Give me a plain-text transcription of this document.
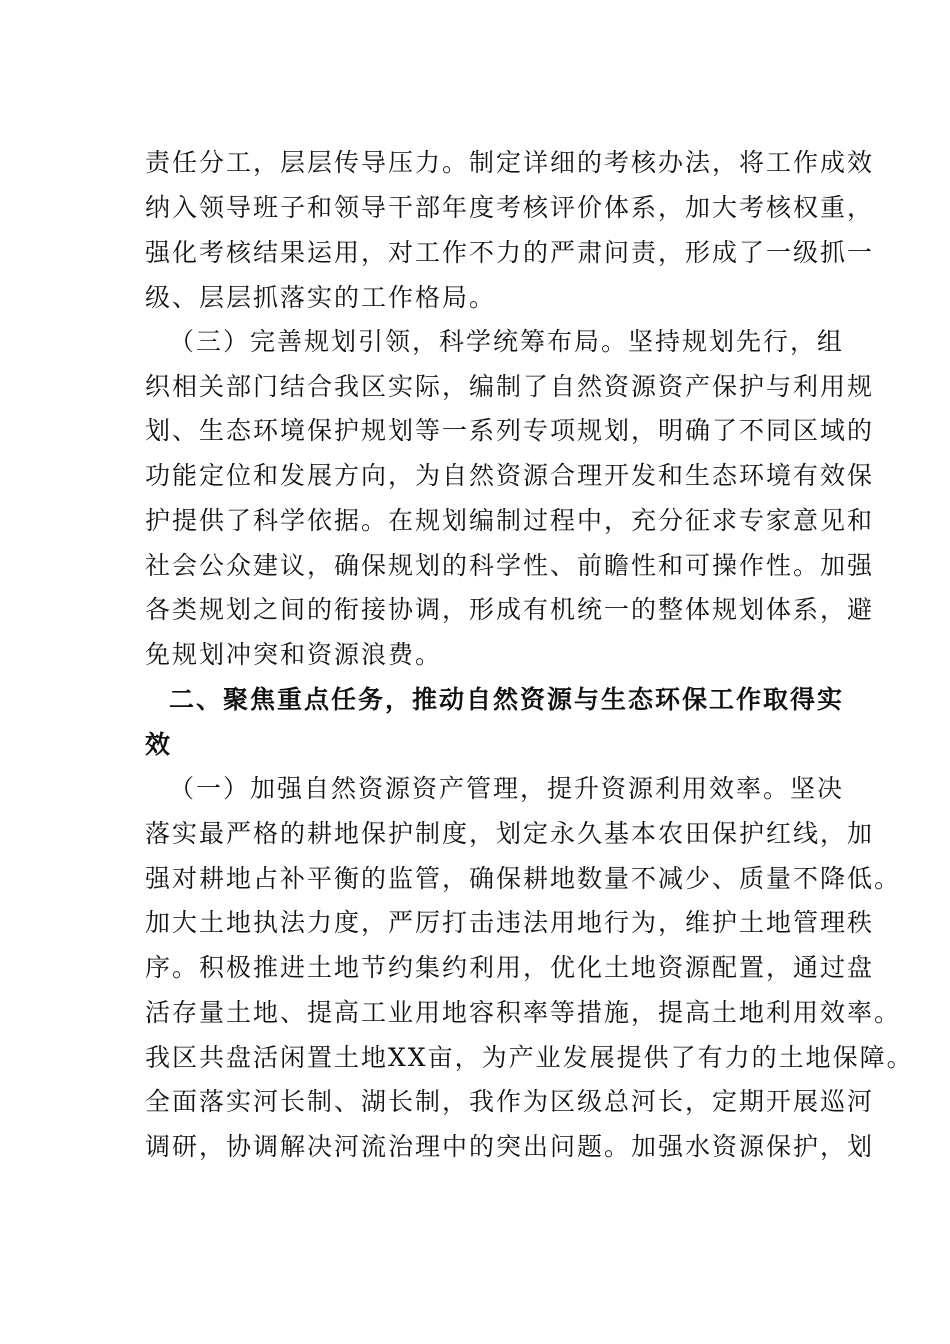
责任分工，层层传导压力。制定详细的考核办法，将工作成效
纳入领导班子和领导干部年度考核评价体系，加大考核权重，
强化考核结果运用，对工作不力的严肃问责，形成了一级抓一
级、层层抓落实的工作格局。
（三）完善规划引领，科学统筹布局。坚持规划先行，组
织相关部门结合我区实际，编制了自然资源资产保护与利用规
划、生态环境保护规划等一系列专项规划，明确了不同区域的
功能定位和发展方向，为自然资源合理开发和生态环境有效保
护提供了科学依据。在规划编制过程中，充分征求专家意见和
社会公众建议，确保规划的科学性、前瞻性和可操作性。加强
各类规划之间的衔接协调，形成有机统一的整体规划体系，避
免规划冲突和资源浪费。
二、聚焦重点任务，推动自然资源与生态环保工作取得实
效
（一）加强自然资源资产管理，提升资源利用效率。坚决
落实最严格的耕地保护制度，划定永久基本农田保护红线，加
强对耕地占补平衡的监管，确保耕地数量不减少、质量不降低。
加大土地执法力度，严厉打击违法用地行为，维护土地管理秩
序。积极推进土地节约集约利用，优化土地资源配置，通过盘
活存量土地、提高工业用地容积率等措施，提高土地利用效率。
我区共盘活闲置土地XX亩，为产业发展提供了有力的土地保障。
全面落实河长制、湖长制，我作为区级总河长，定期开展巡河
调研，协调解决河流治理中的突出问题。加强水资源保护，划
